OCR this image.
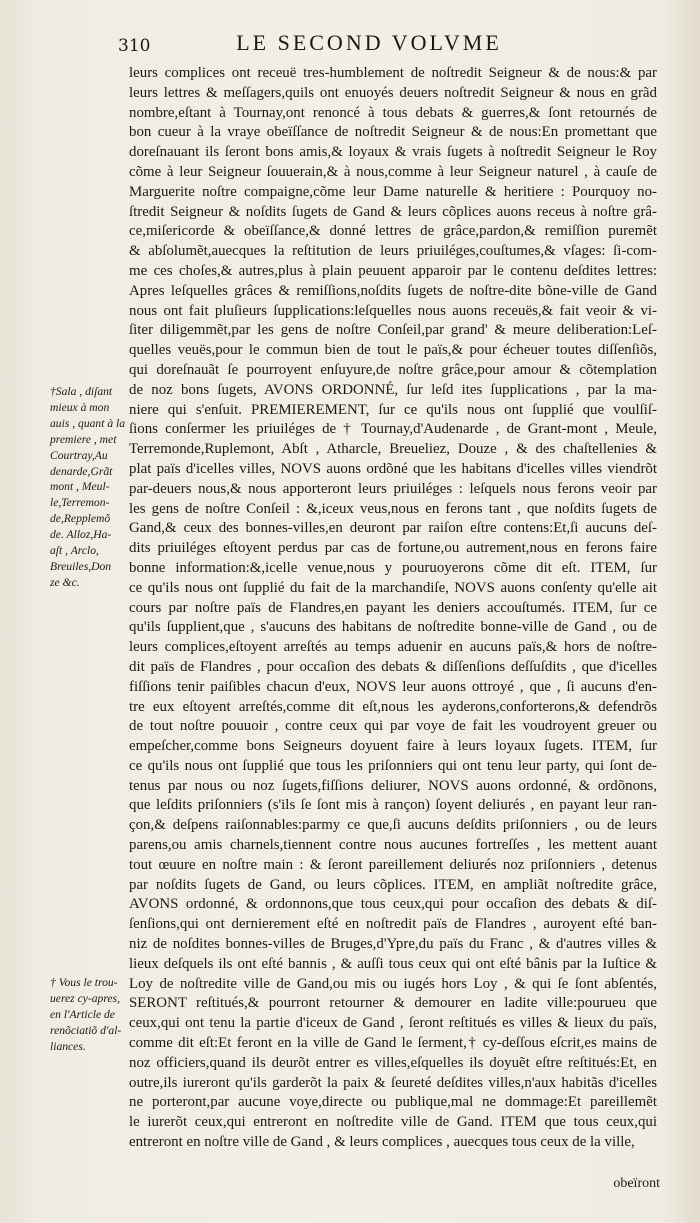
310	LE SECOND VOLVME
leurs complices ont receuë tres-humblement de noſtredit Seigneur & de nous:& par
leurs lettres & meſſagers,quils ont enuoyés deuers noſtredit Seigneur & nous en grãd
nombre,eſtant à Tournay,ont renoncé à tous debats & guerres,& ſont retournés de
bon cueur à la vraye obeïſſance de noſtredit Seigneur & de nous:En promettant que
doreſnauant ils ſeront bons amis,& loyaux & vrais ſugets à noſtredit Seigneur le Roy
cõme à leur Seigneur ſouuerain,& à nous,comme à leur Seigneur naturel , à cauſe de
Marguerite noſtre compaigne,cõme leur Dame naturelle & heritiere : Pourquoy no-
ſtredit Seigneur & noſdits ſugets de Gand & leurs cõplices auons receus à noſtre grâ-
ce,miſericorde & obeïſſance,& donné lettres de grâce,pardon,& remiſſion puremẽt
& abſolumẽt,auecques la reſtitution de leurs priuiléges,couſtumes,& vſages: ſi-com-
me ces choſes,& autres,plus à plain peuuent apparoir par le contenu deſdites lettres:
Apres leſquelles grâces & remiſſions,noſdits ſugets de noſtre-dite bõne-ville de Gand
nous ont fait pluſieurs ſupplications:leſquelles nous auons receuës,& fait veoir & vi-
ſiter diligemmẽt,par les gens de noſtre Conſeil,par grand' & meure deliberation:Leſ-
quelles veuës,pour le commun bien de tout le païs,& pour écheuer toutes diſſenſiõs,
qui doreſnauãt ſe pourroyent enſuyure,de noſtre grâce,pour amour & cõtemplation
de noz bons ſugets, AVONS ORDONNÉ, ſur leſd ites ſupplications , par la ma-
niere qui s'enſuit. PREMIEREMENT, ſur ce qu'ils nous ont ſupplié que voulſiſ-
ſions conſermer les priuiléges de † Tournay,d'Audenarde , de Grant-mont , Meule,
Terremonde,Ruplemont, Abſt , Atharcle, Breueliez, Douze , & des chaſtellenies &
plat païs d'icelles villes, NOVS auons ordõné que les habitans d'icelles villes viendrõt
par-deuers nous,& nous apporteront leurs priuiléges : leſquels nous ferons veoir par
les gens de noſtre Conſeil : &,iceux veus,nous en ferons tant , que noſdits ſugets de
Gand,& ceux des bonnes-villes,en deuront par raiſon eſtre contens:Et,ſi aucuns deſ-
dits priuiléges eſtoyent perdus par cas de fortune,ou autrement,nous en ferons faire
bonne information:&,icelle venue,nous y pouruoyerons cõme dit eſt. ITEM, ſur
ce qu'ils nous ont ſupplié du fait de la marchandiſe, NOVS auons conſenty qu'elle ait
cours par noſtre païs de Flandres,en payant les deniers accouſtumés. ITEM, ſur ce
qu'ils ſupplient,que , s'aucuns des habitans de noſtredite bonne-ville de Gand , ou de
leurs complices,eſtoyent arreſtés au temps aduenir en aucuns païs,& hors de noſtre-
dit païs de Flandres , pour occaſion des debats & diſſenſions deſſuſdits , que d'icelles
fiſſions tenir paiſibles chacun d'eux, NOVS leur auons ottroyé , que , ſi aucuns d'en-
tre eux eſtoyent arreſtés,comme dit eſt,nous les ayderons,conforterons,& defendrõs
de tout noſtre pouuoir , contre ceux qui par voye de fait les voudroyent greuer ou
empeſcher,comme bons Seigneurs doyuent faire à leurs loyaux ſugets. ITEM, ſur
ce qu'ils nous ont ſupplié que tous les priſonniers qui ont tenu leur party, qui ſont de-
tenus par nous ou noz ſugets,fiſſions deliurer, NOVS auons ordonné, & ordõnons,
que leſdits priſonniers (s'ils ſe ſont mis à rançon) ſoyent deliurés , en payant leur ran-
çon,& deſpens raiſonnables:parmy ce que,ſi aucuns deſdits priſonniers , ou de leurs
parens,ou amis charnels,tiennent contre nous aucunes fortreſſes , les mettent auant
tout œuure en noſtre main : & ſeront pareillement deliurés noz priſonniers , detenus
par noſdits ſugets de Gand, ou leurs cõplices. ITEM, en ampliãt noſtredite grâce,
AVONS ordonné, & ordonnons,que tous ceux,qui pour occaſion des debats & diſ-
ſenſions,qui ont dernierement eſté en noſtredit païs de Flandres , auroyent eſté ban-
niz de noſdites bonnes-villes de Bruges,d'Ypre,du païs du Franc , & d'autres villes &
lieux deſquels ils ont eſté bannis , & auſſi tous ceux qui ont eſté bânis par la Iuſtice &
Loy de noſtredite ville de Gand,ou mis ou iugés hors Loy , & qui ſe ſont abſentés,
SERONT reſtitués,& pourront retourner & demourer en ladite ville:pourueu que
ceux,qui ont tenu la partie d'iceux de Gand , ſeront reſtitués es villes & lieux du païs,
comme dit eſt:Et feront en la ville de Gand le ſerment,† cy-deſſous eſcrit,es mains de
noz officiers,quand ils deurõt entrer es villes,eſquelles ils doyuẽt eſtre reſtitués:Et, en
outre,ils iureront qu'ils garderõt la paix & ſeureté deſdites villes,n'aux habitãs d'icelles
ne porteront,par aucune voye,directe ou publique,mal ne dommage:Et pareillemẽt
le iurerõt ceux,qui entreront en noſtredite ville de Gand. ITEM que tous ceux,qui
entreront en noſtre ville de Gand , & leurs complices , auecques tous ceux de la ville,
†Sala , diſant
mieux à mon
auis , quant à la
premiere , met
Courtray,Au
denarde,Grãt
mont , Meul-
le,Terremon-
de,Repplemõ
de. Alloz,Ha-
aſt , Arclo,
Breuiles,Don
ze &c.
† Vous le trou-
uerez cy-apres,
en l'Article de
renõciatiõ d'al-
liances.
obeïront
